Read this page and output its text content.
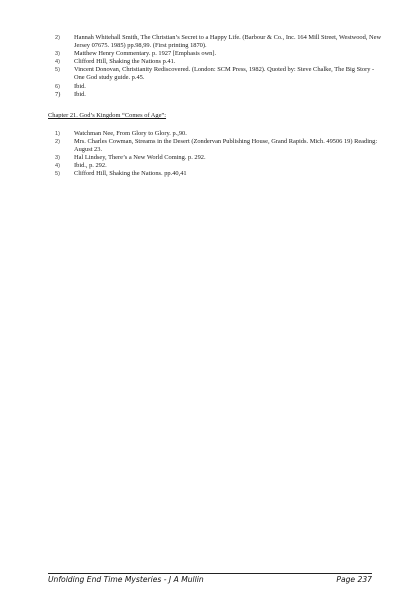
2) Hannah Whitehall Smith, The Christian’s Secret to a Happy Life. (Barbour & Co., Inc. 164 Mill Street, Westwood, New Jersey 07675. 1985) pp.98,99. (First printing 1870).
3) Matthew Henry Commentary. p. 1927 [Emphasis own].
4) Clifford Hill, Shaking the Nations p.41.
5) Vincent Donovan, Christianity Rediscovered. (London: SCM Press, 1982). Quoted by: Steve Chalke, The Big Story - One God study guide. p.45.
6) Ibid.
7) Ibid.

Chapter 21. God’s Kingdom “Comes of Age”:

1) Watchman Nee, From Glory to Glory. p.,90.
2) Mrs. Charles Cowman, Streams in the Desert (Zondervan Publishing House, Grand Rapids. Mich. 49506 19) Reading: August 23.
3) Hal Lindsey, There’s a New World Coming. p. 292.
4) Ibid., p. 292.
5) Clifford Hill, Shaking the Nations. pp.40,41
Unfolding End Time Mysteries - J A Mullin	Page 237
